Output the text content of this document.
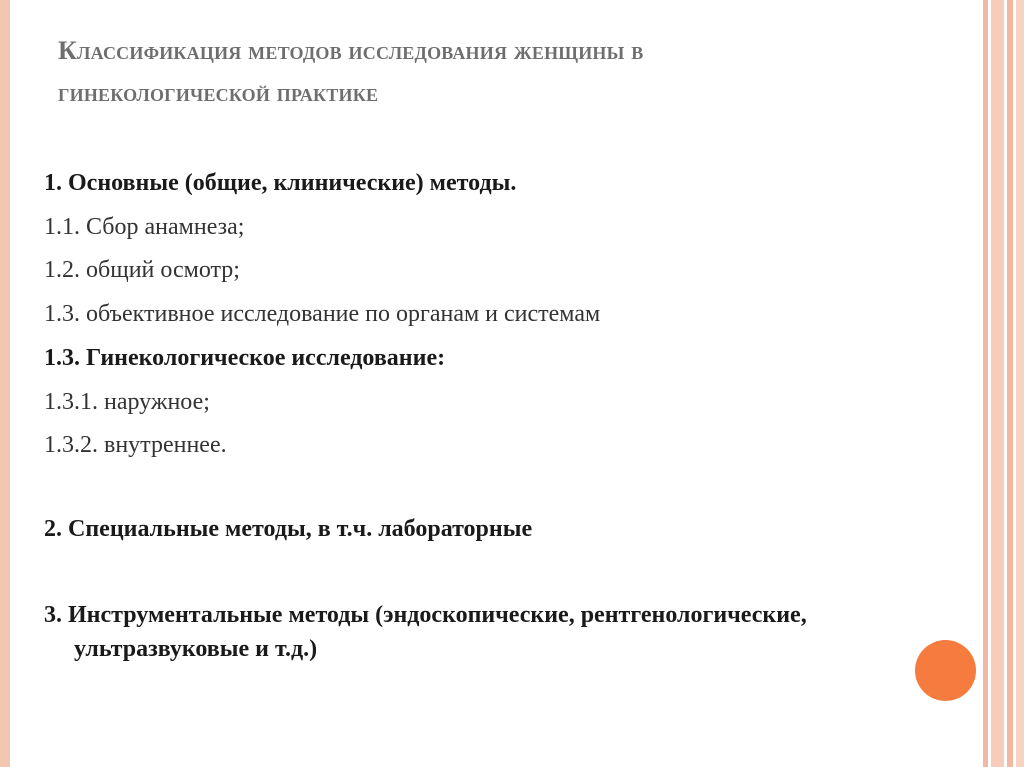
Классификация методов исследования женщины в
гинекологической практике
1. Основные (общие, клинические) методы.
1.1. Сбор анамнеза;
1.2. общий осмотр;
1.3. объективное исследование по органам и системам
1.3. Гинекологическое исследование:
1.3.1. наружное;
1.3.2. внутреннее.
2. Специальные методы, в т.ч. лабораторные
3. Инструментальные методы (эндоскопические, рентгенологические,
ультразвуковые и т.д.)
